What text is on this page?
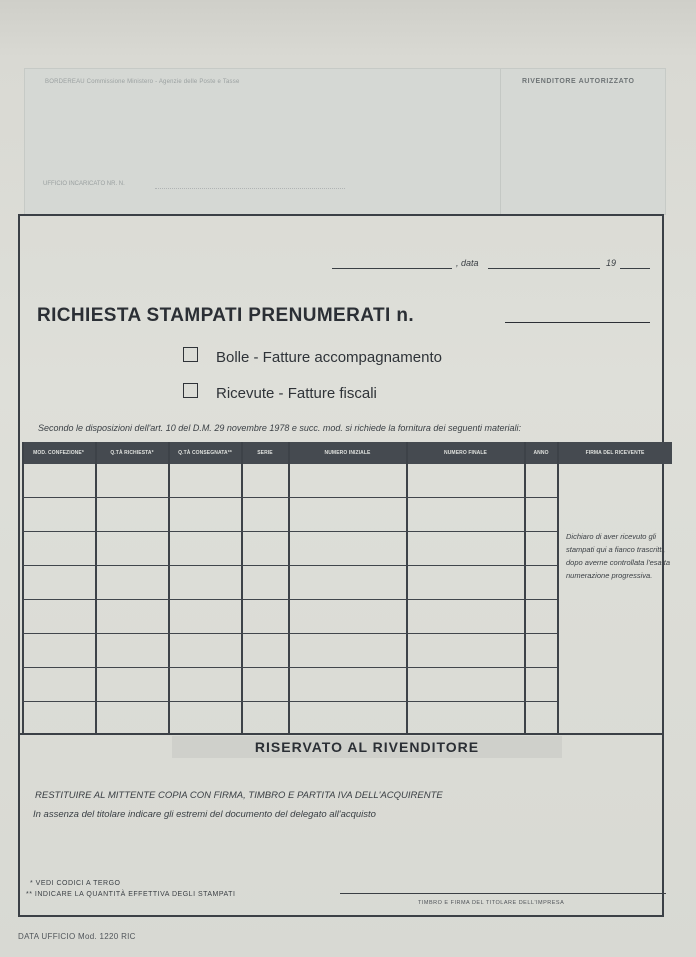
BORDEREAU Commissione Ministero - Agenzie delle Poste e Tasse	RIVENDITORE AUTORIZZATO
UFFICIO INCARICATO NR. N.
, data	19
RICHIESTA STAMPATI PRENUMERATI n.
Bolle - Fatture accompagnamento
Ricevute - Fatture fiscali
Secondo le disposizioni dell'art. 10 del D.M. 29 novembre 1978 e succ. mod. si richiede la fornitura dei seguenti materiali:
MOD. CONFEZIONE*	Q.TÀ RICHIESTA*	Q.TÀ CONSEGNATA**	SERIE	NUMERO INIZIALE	NUMERO FINALE	ANNO	FIRMA DEL RICEVENTE
Dichiaro di aver ricevuto gli stampati qui a fianco trascritti, dopo averne controllata l'esatta numerazione progressiva.
RISERVATO AL RIVENDITORE
RESTITUIRE AL MITTENTE COPIA CON FIRMA, TIMBRO E PARTITA IVA DELL'ACQUIRENTE
In assenza del titolare indicare gli estremi del documento del delegato all'acquisto
* VEDI CODICI A TERGO
** INDICARE LA QUANTITÀ EFFETTIVA DEGLI STAMPATI
TIMBRO E FIRMA DEL TITOLARE DELL'IMPRESA
DATA UFFICIO Mod. 1220 RIC
